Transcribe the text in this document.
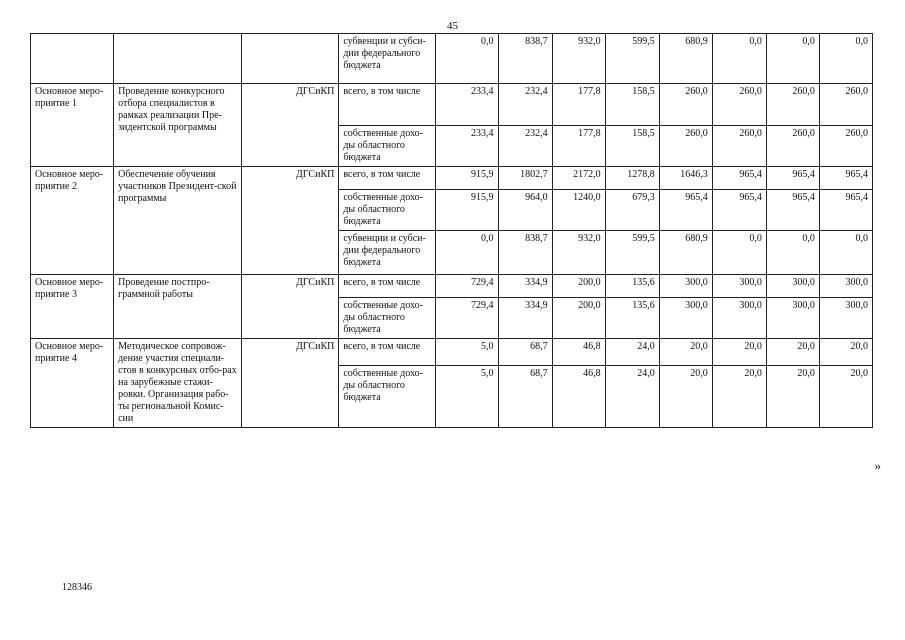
45
			субвенции и субси-дии федерального бюджета	0,0	838,7	932,0	599,5	680,9	0,0	0,0	0,0
Основное меро-приятие 1	Проведение конкурсного отбора специалистов в рамках реализации Пре-зидентской программы	ДГСиКП	всего, в том числе	233,4	232,4	177,8	158,5	260,0	260,0	260,0	260,0
			собственные дохо-ды областного бюджета	233,4	232,4	177,8	158,5	260,0	260,0	260,0	260,0
Основное меро-приятие 2	Обеспечение обучения участников Президент-ской программы	ДГСиКП	всего, в том числе	915,9	1802,7	2172,0	1278,8	1646,3	965,4	965,4	965,4
			собственные дохо-ды областного бюджета	915,9	964,0	1240,0	679,3	965,4	965,4	965,4	965,4
			субвенции и субси-дии федерального бюджета	0,0	838,7	932,0	599,5	680,9	0,0	0,0	0,0
Основное меро-приятие 3	Проведение постпро-граммной работы	ДГСиКП	всего, в том числе	729,4	334,9	200,0	135,6	300,0	300,0	300,0	300,0
			собственные дохо-ды областного бюджета	729,4	334,9	200,0	135,6	300,0	300,0	300,0	300,0
Основное меро-приятие 4	Методическое сопровож-дение участия специали-стов в конкурсных отбо-рах на зарубежные стажи-ровки. Организация рабо-ты региональной Комис-сии	ДГСиКП	всего, в том числе	5,0	68,7	46,8	24,0	20,0	20,0	20,0	20,0
			собственные дохо-ды областного бюджета	5,0	68,7	46,8	24,0	20,0	20,0	20,0	20,0
»
128346
